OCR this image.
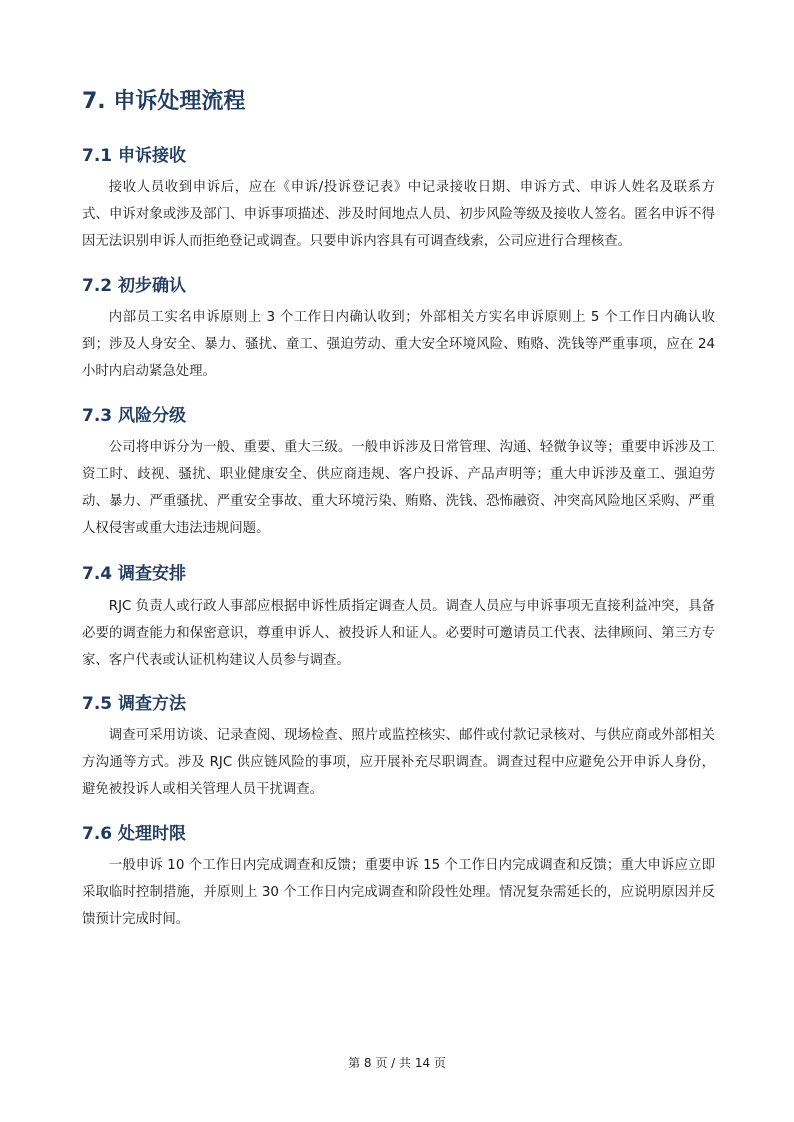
7. 申诉处理流程
7.1 申诉接收

接收人员收到申诉后，应在《申诉/投诉登记表》中记录接收日期、申诉方式、申诉人姓名及联系方式、申诉对象或涉及部门、申诉事项描述、涉及时间地点人员、初步风险等级及接收人签名。匿名申诉不得因无法识别申诉人而拒绝登记或调查。只要申诉内容具有可调查线索，公司应进行合理核查。

7.2 初步确认

内部员工实名申诉原则上 3 个工作日内确认收到；外部相关方实名申诉原则上 5 个工作日内确认收到；涉及人身安全、暴力、骚扰、童工、强迫劳动、重大安全环境风险、贿赂、洗钱等严重事项，应在 24 小时内启动紧急处理。

7.3 风险分级

公司将申诉分为一般、重要、重大三级。一般申诉涉及日常管理、沟通、轻微争议等；重要申诉涉及工资工时、歧视、骚扰、职业健康安全、供应商违规、客户投诉、产品声明等；重大申诉涉及童工、强迫劳动、暴力、严重骚扰、严重安全事故、重大环境污染、贿赂、洗钱、恐怖融资、冲突高风险地区采购、严重人权侵害或重大违法违规问题。

7.4 调查安排

RJC 负责人或行政人事部应根据申诉性质指定调查人员。调查人员应与申诉事项无直接利益冲突，具备必要的调查能力和保密意识，尊重申诉人、被投诉人和证人。必要时可邀请员工代表、法律顾问、第三方专家、客户代表或认证机构建议人员参与调查。

7.5 调查方法

调查可采用访谈、记录查阅、现场检查、照片或监控核实、邮件或付款记录核对、与供应商或外部相关方沟通等方式。涉及 RJC 供应链风险的事项，应开展补充尽职调查。调查过程中应避免公开申诉人身份，避免被投诉人或相关管理人员干扰调查。

7.6 处理时限

一般申诉 10 个工作日内完成调查和反馈；重要申诉 15 个工作日内完成调查和反馈；重大申诉应立即采取临时控制措施，并原则上 30 个工作日内完成调查和阶段性处理。情况复杂需延长的，应说明原因并反馈预计完成时间。

第 8 页 / 共 14 页
